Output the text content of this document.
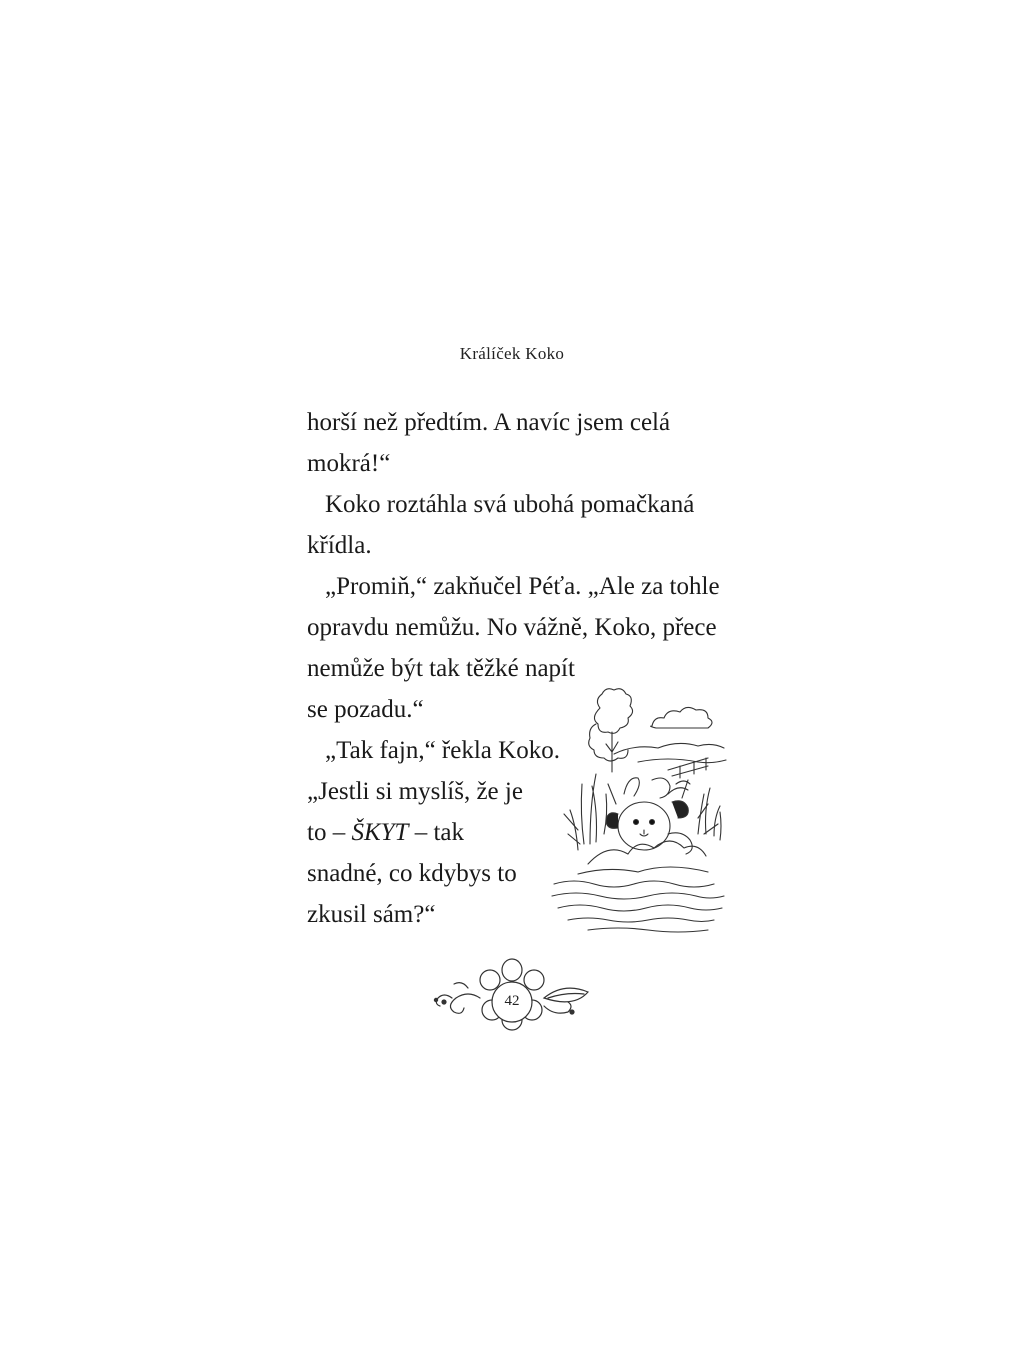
Králíček Koko
horší než předtím. A navíc jsem celá
mokrá!“
Koko roztáhla svá ubohá pomačkaná
křídla.
„Promiň,“ zakňučel Péťa. „Ale za tohle
opravdu nemůžu. No vážně, Koko, přece
nemůže být tak těžké napít
se pozadu.“
„Tak fajn,“ řekla Koko.
„Jestli si myslíš, že je
to – ŠKYT – tak
snadné, co kdybys to
zkusil sám?“
42
